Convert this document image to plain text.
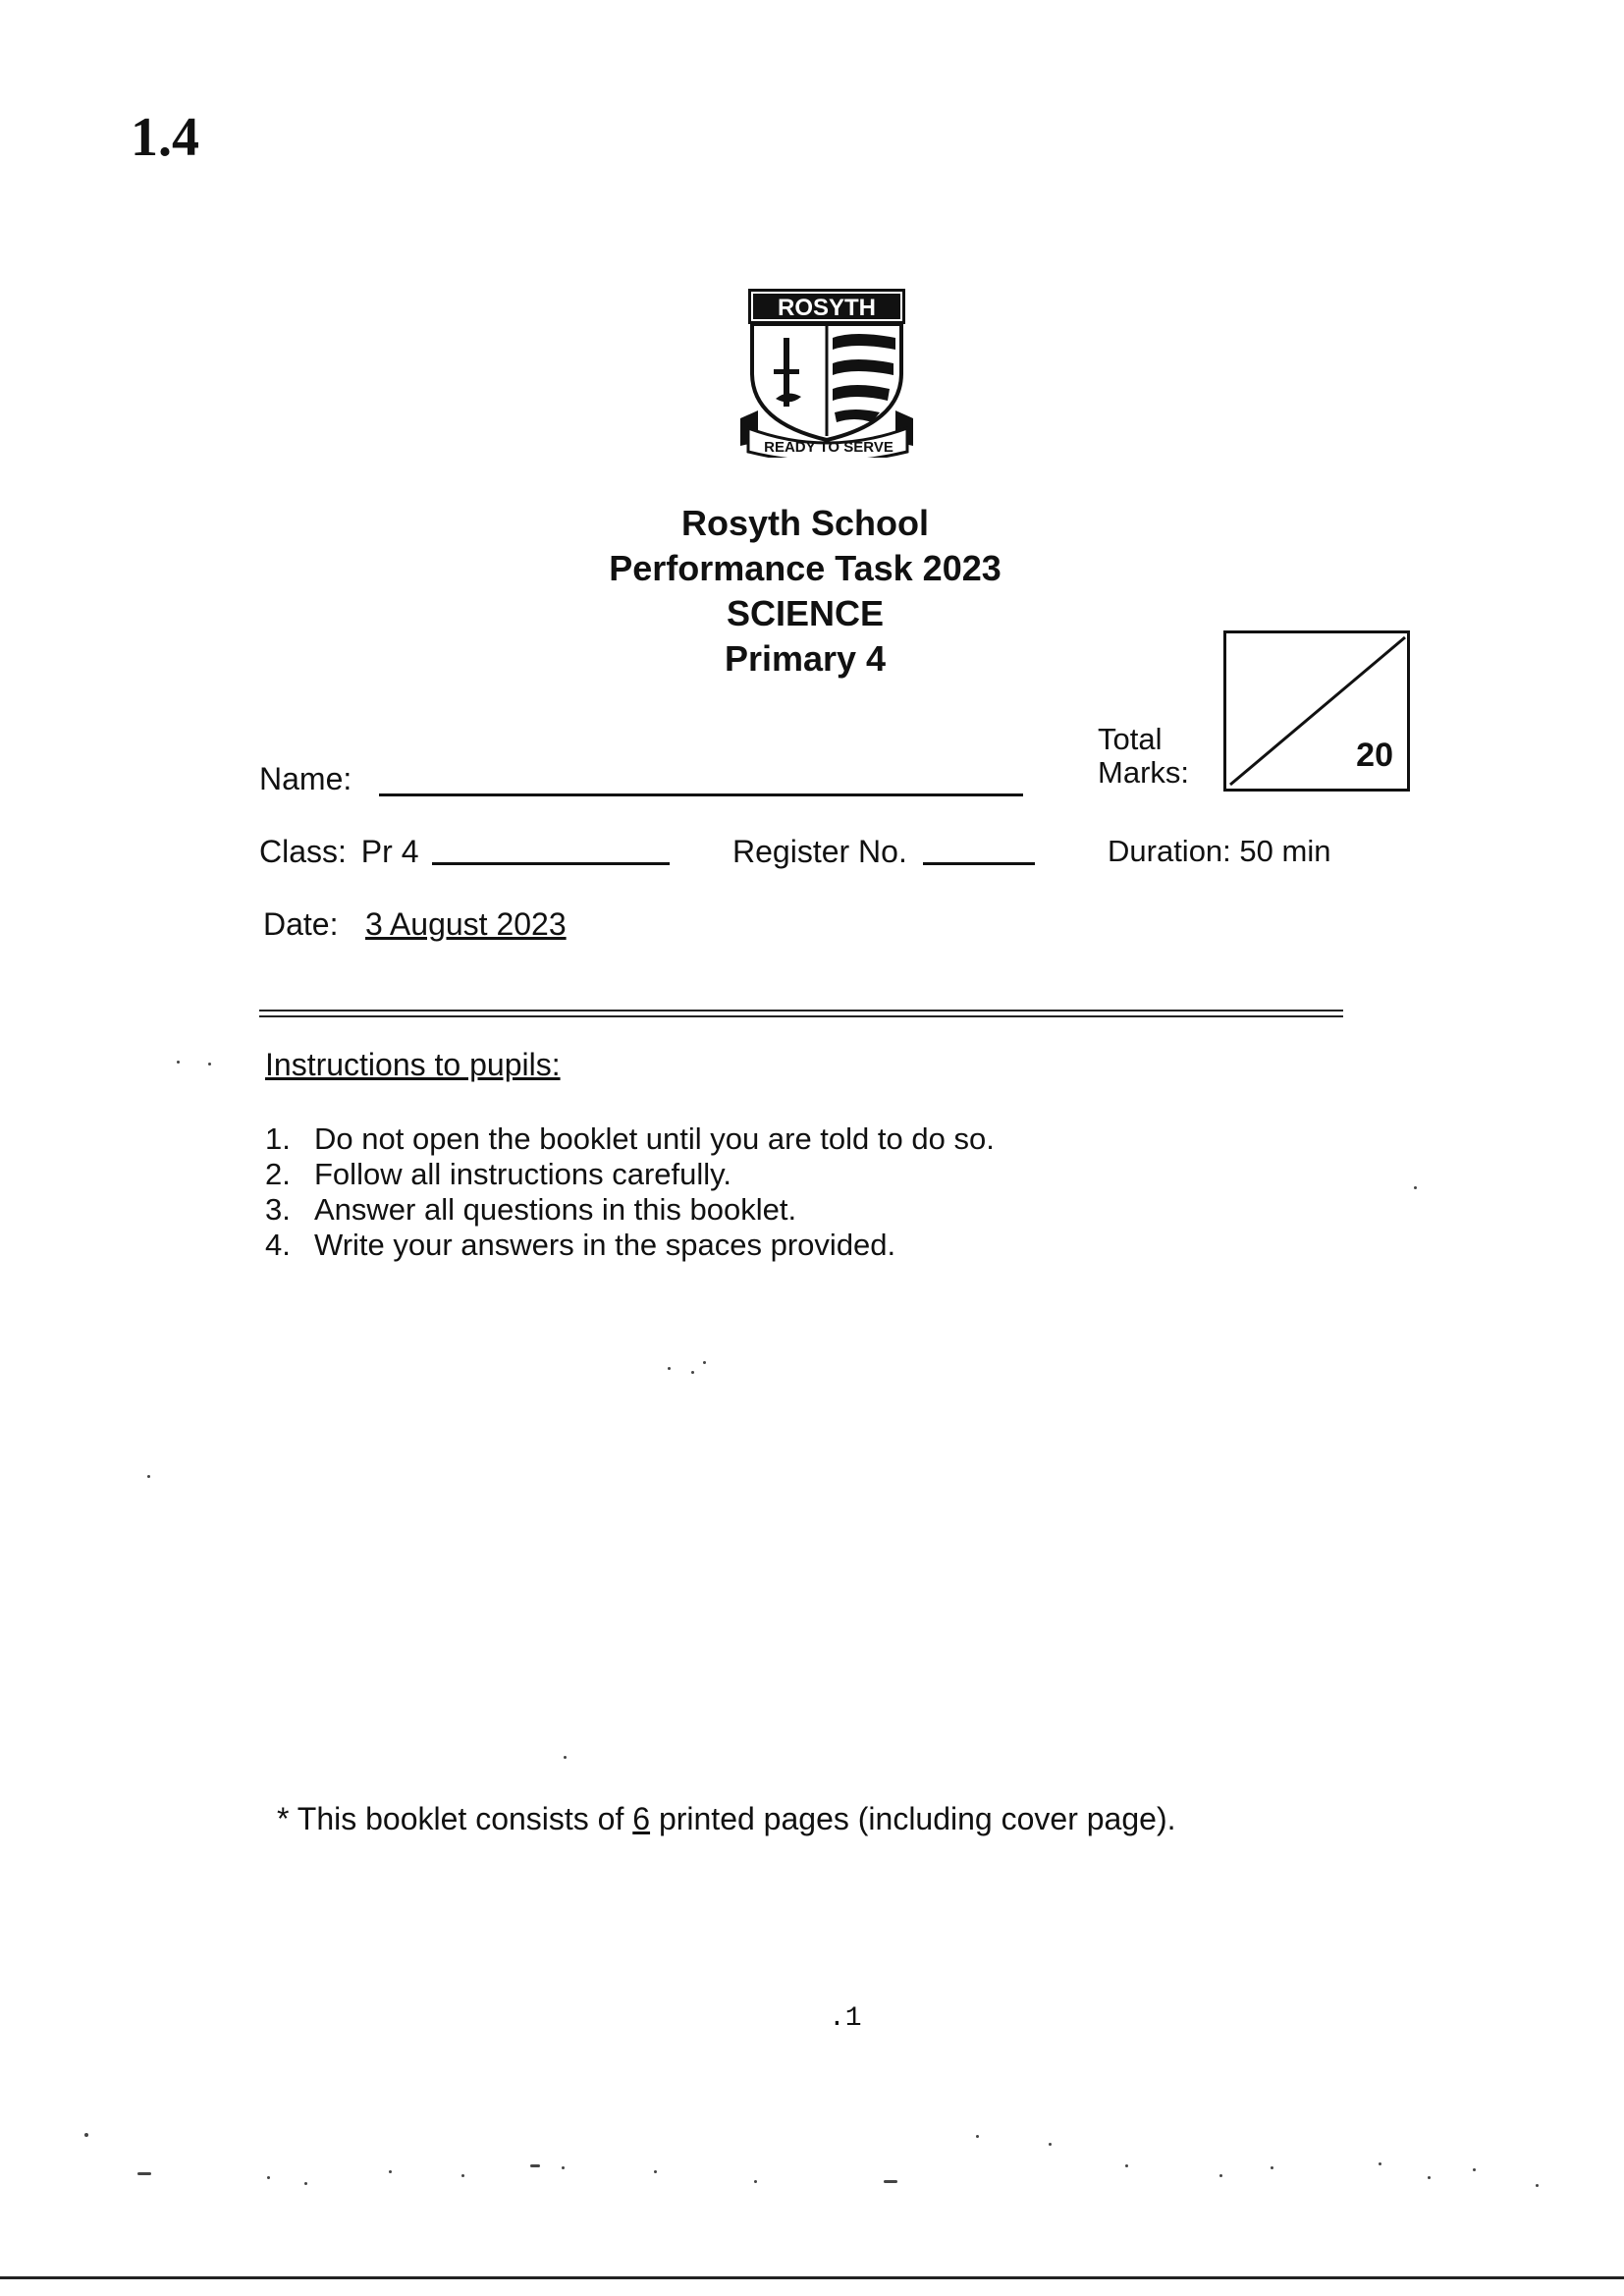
1.4
ROSYTH
READY TO SERVE
Rosyth School
Performance Task 2023
SCIENCE
Primary 4
Total
Marks:	20
Name:
Class: Pr 4	Register No.	Duration: 50 min
Date: 3 August 2023
Instructions to pupils:
1. Do not open the booklet until you are told to do so.
2. Follow all instructions carefully.
3. Answer all questions in this booklet.
4. Write your answers in the spaces provided.
* This booklet consists of 6 printed pages (including cover page).
.1
